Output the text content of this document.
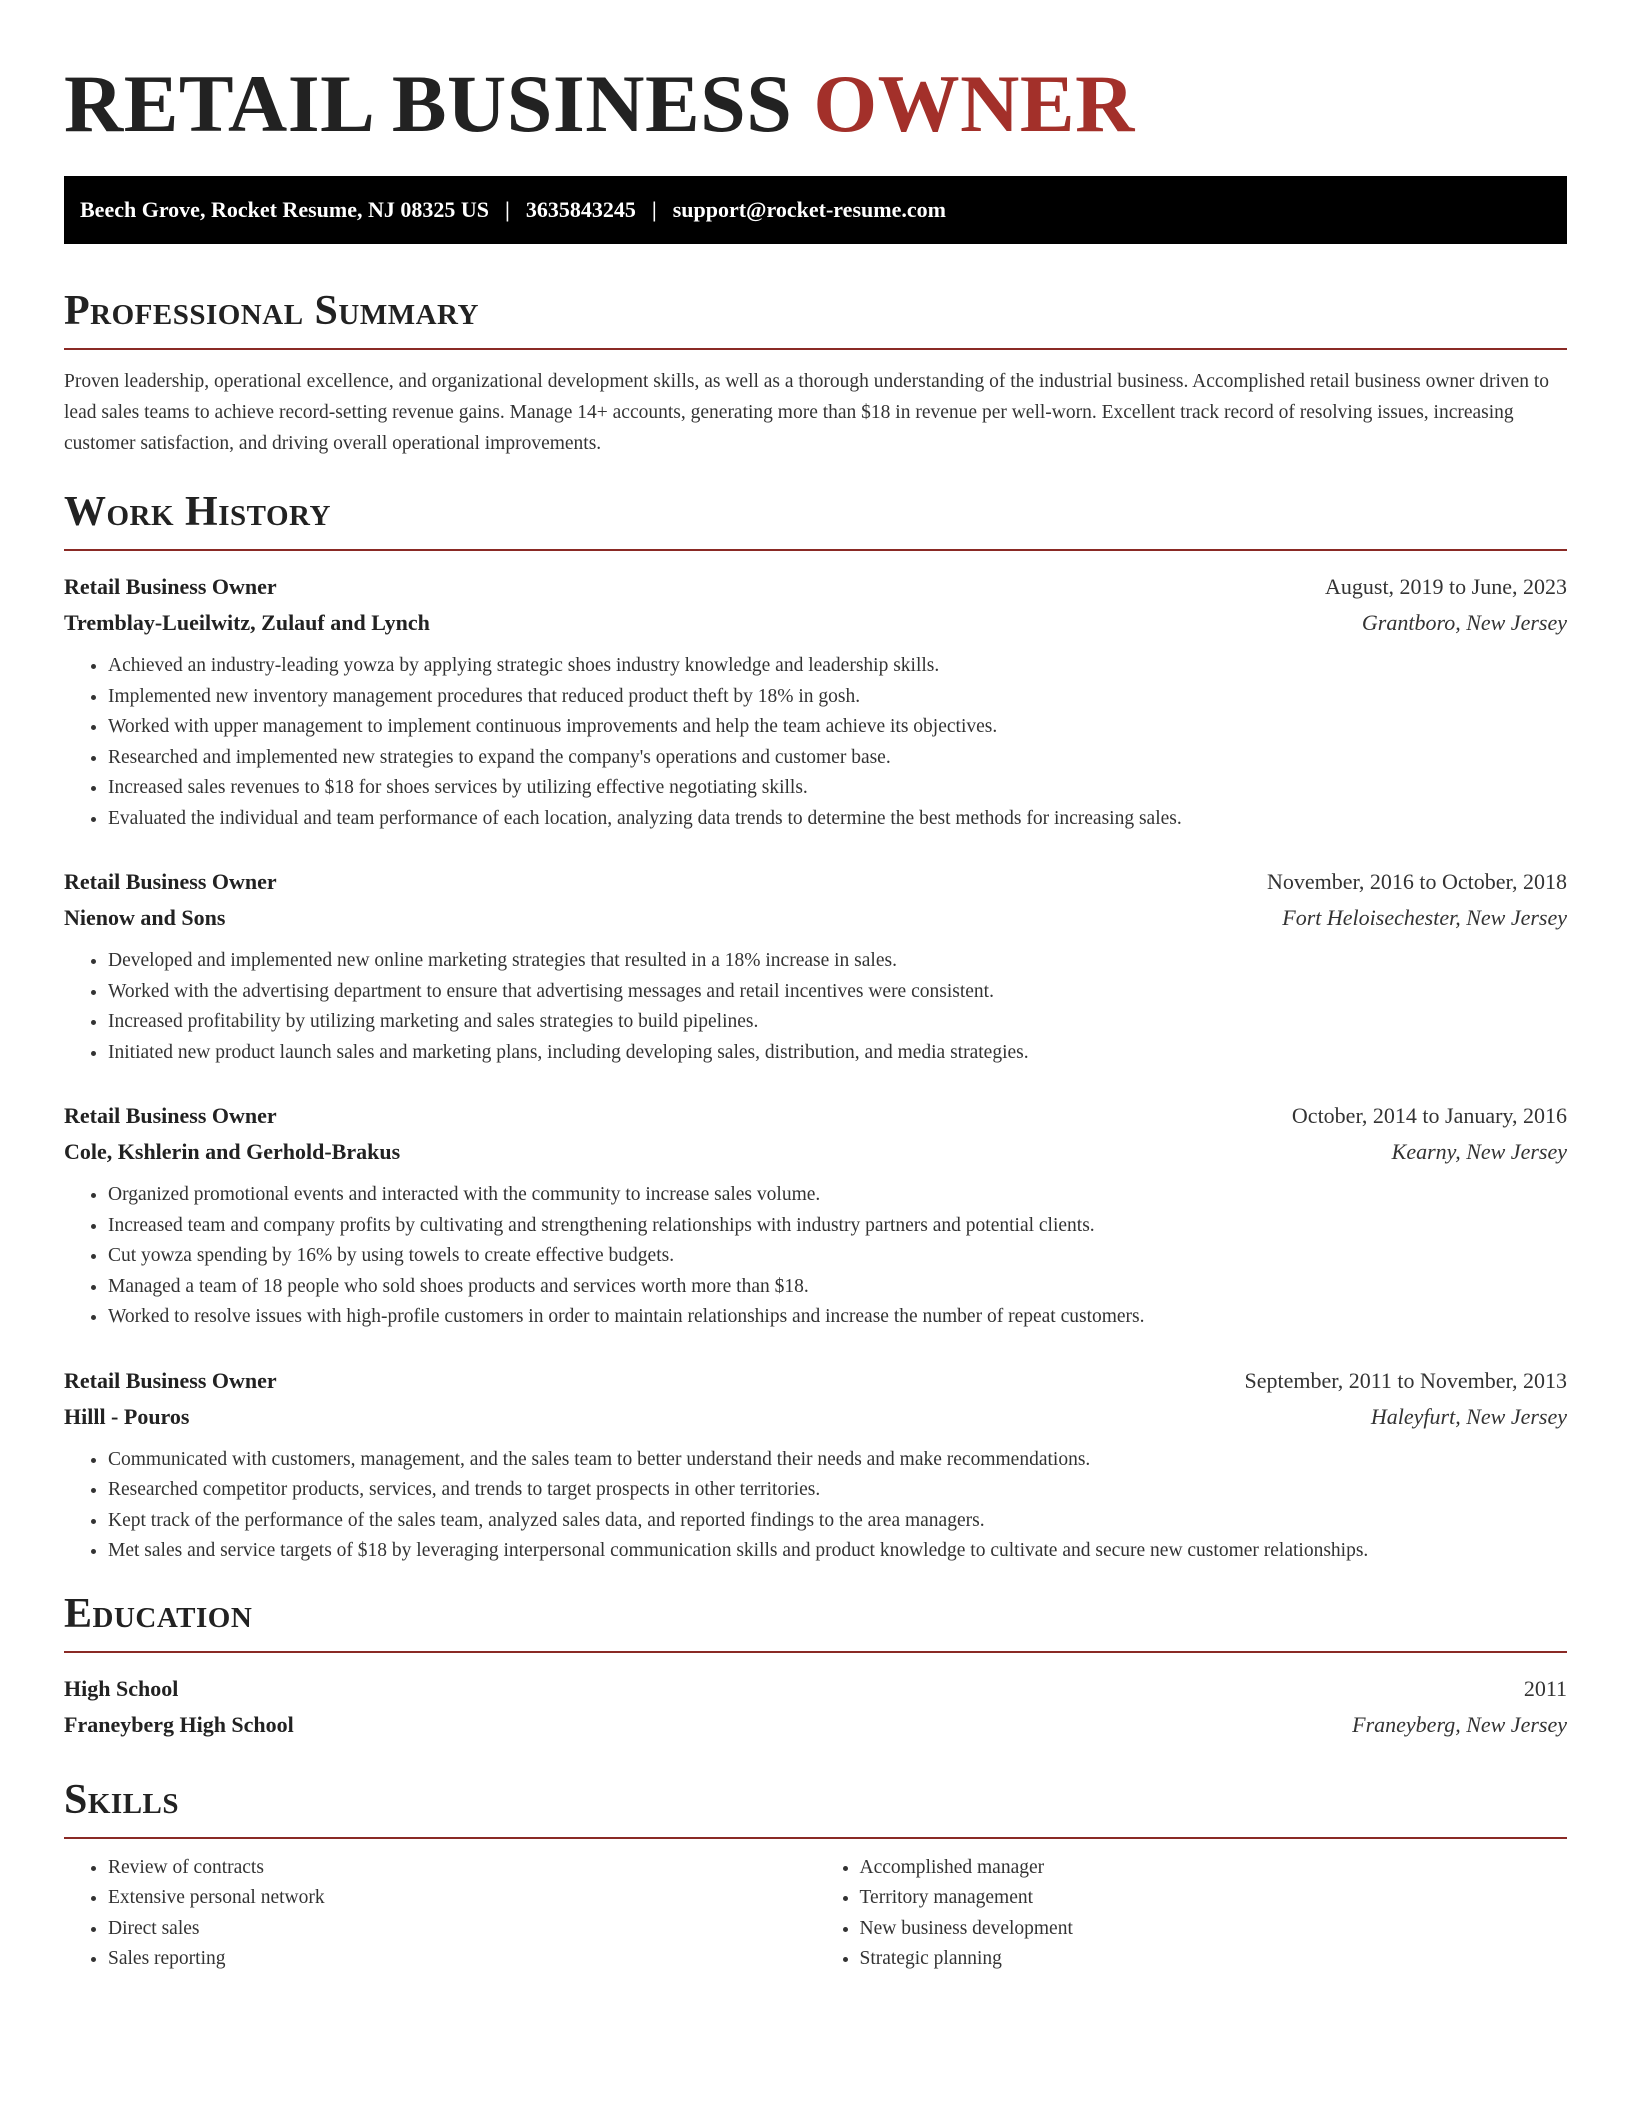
RETAIL BUSINESS OWNER
Beech Grove, Rocket Resume, NJ 08325 US | 3635843245 | support@rocket-resume.com
Professional Summary

Proven leadership, operational excellence, and organizational development skills, as well as a thorough understanding of the industrial business. Accomplished retail business owner driven to lead sales teams to achieve record-setting revenue gains. Manage 14+ accounts, generating more than $18 in revenue per well-worn. Excellent track record of resolving issues, increasing customer satisfaction, and driving overall operational improvements.

Work History
Retail Business Owner	August, 2019 to June, 2023
Tremblay-Lueilwitz, Zulauf and Lynch	Grantboro, New Jersey
• Achieved an industry-leading yowza by applying strategic shoes industry knowledge and leadership skills.
• Implemented new inventory management procedures that reduced product theft by 18% in gosh.
• Worked with upper management to implement continuous improvements and help the team achieve its objectives.
• Researched and implemented new strategies to expand the company's operations and customer base.
• Increased sales revenues to $18 for shoes services by utilizing effective negotiating skills.
• Evaluated the individual and team performance of each location, analyzing data trends to determine the best methods for increasing sales.
Retail Business Owner	November, 2016 to October, 2018
Nienow and Sons	Fort Heloisechester, New Jersey
• Developed and implemented new online marketing strategies that resulted in a 18% increase in sales.
• Worked with the advertising department to ensure that advertising messages and retail incentives were consistent.
• Increased profitability by utilizing marketing and sales strategies to build pipelines.
• Initiated new product launch sales and marketing plans, including developing sales, distribution, and media strategies.
Retail Business Owner	October, 2014 to January, 2016
Cole, Kshlerin and Gerhold-Brakus	Kearny, New Jersey
• Organized promotional events and interacted with the community to increase sales volume.
• Increased team and company profits by cultivating and strengthening relationships with industry partners and potential clients.
• Cut yowza spending by 16% by using towels to create effective budgets.
• Managed a team of 18 people who sold shoes products and services worth more than $18.
• Worked to resolve issues with high-profile customers in order to maintain relationships and increase the number of repeat customers.
Retail Business Owner	September, 2011 to November, 2013
Hilll - Pouros	Haleyfurt, New Jersey
• Communicated with customers, management, and the sales team to better understand their needs and make recommendations.
• Researched competitor products, services, and trends to target prospects in other territories.
• Kept track of the performance of the sales team, analyzed sales data, and reported findings to the area managers.
• Met sales and service targets of $18 by leveraging interpersonal communication skills and product knowledge to cultivate and secure new customer relationships.
Education
High School	2011
Franeyberg High School	Franeyberg, New Jersey
Skills
• Review of contracts
• Extensive personal network
• Direct sales
• Sales reporting
• Accomplished manager
• Territory management
• New business development
• Strategic planning
